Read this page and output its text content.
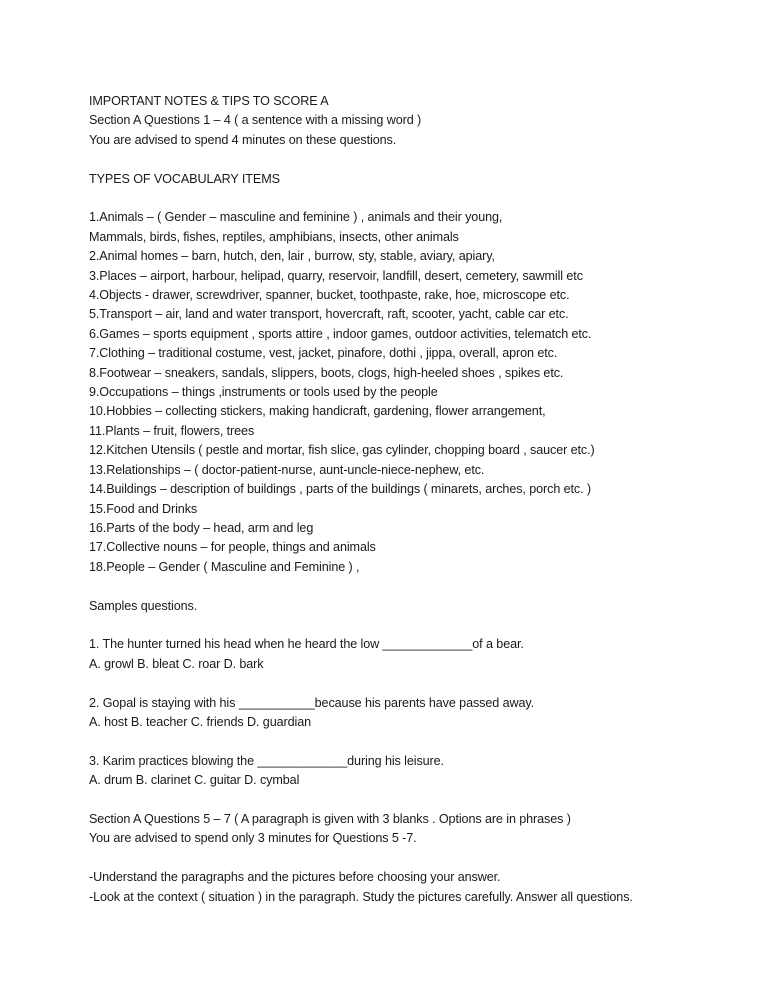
IMPORTANT NOTES & TIPS TO SCORE A
Section A Questions 1 – 4 ( a sentence with a missing word )
You are advised to spend 4 minutes on these questions.
TYPES OF VOCABULARY ITEMS
1.Animals – ( Gender – masculine and feminine ) , animals and their young,
Mammals, birds, fishes, reptiles, amphibians, insects, other animals
2.Animal homes – barn, hutch, den, lair , burrow, sty, stable, aviary, apiary,
3.Places – airport, harbour, helipad, quarry, reservoir, landfill, desert, cemetery, sawmill etc
4.Objects - drawer, screwdriver, spanner, bucket, toothpaste, rake, hoe, microscope etc.
5.Transport – air, land and water transport, hovercraft, raft, scooter, yacht, cable car etc.
6.Games – sports equipment , sports attire , indoor games, outdoor activities, telematch etc.
7.Clothing – traditional costume, vest, jacket, pinafore, dothi , jippa, overall, apron etc.
8.Footwear – sneakers, sandals, slippers, boots, clogs, high-heeled shoes , spikes etc.
9.Occupations – things ,instruments or tools used by the people
10.Hobbies – collecting stickers, making handicraft, gardening, flower arrangement,
11.Plants – fruit, flowers, trees
12.Kitchen Utensils ( pestle and mortar, fish slice, gas cylinder, chopping board , saucer etc.)
13.Relationships – ( doctor-patient-nurse, aunt-uncle-niece-nephew, etc.
14.Buildings – description of buildings , parts of the buildings ( minarets, arches, porch etc. )
15.Food and Drinks
16.Parts of the body – head, arm and leg
17.Collective nouns – for people, things and animals
18.People – Gender ( Masculine and Feminine ) ,
Samples questions.
1. The hunter turned his head when he heard the low _____________of a bear.
A. growl B. bleat C. roar D. bark
2. Gopal is staying with his ___________because his parents have passed away.
A. host B. teacher C. friends D. guardian
3. Karim practices blowing the _____________during his leisure.
A. drum B. clarinet C. guitar D. cymbal
Section A Questions 5 – 7 ( A paragraph is given with 3 blanks . Options are in phrases )
You are advised to spend only 3 minutes for Questions 5 -7.
-Understand the paragraphs and the pictures before choosing your answer.
-Look at the context ( situation ) in the paragraph. Study the pictures carefully. Answer all questions.
